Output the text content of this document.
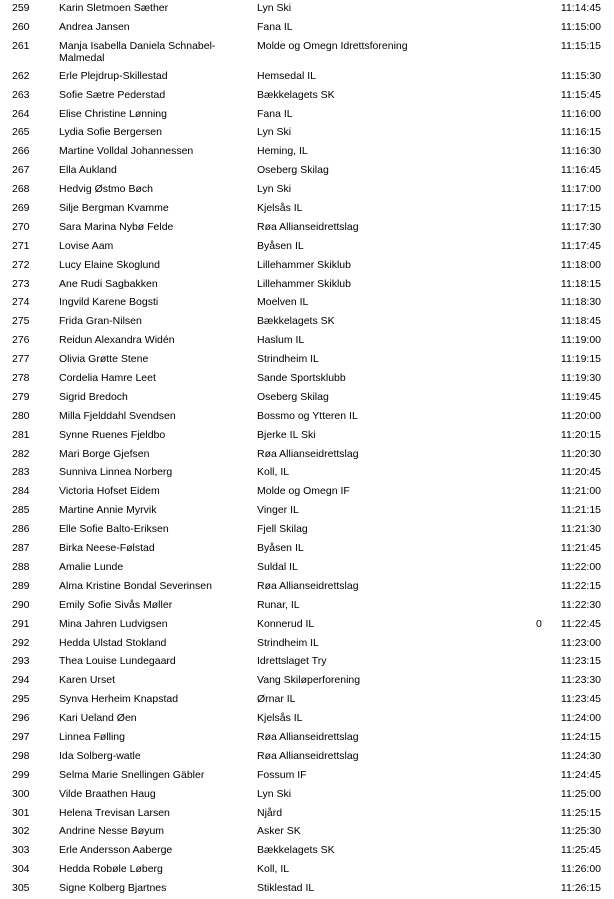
259	Karin Sletmoen Sæther	Lyn Ski	11:14:45
260	Andrea Jansen	Fana IL	11:15:00
261	Manja Isabella Daniela Schnabel-Malmedal
Molde og Omegn Idrettsforening	11:15:15
262	Erle Plejdrup-Skillestad	Hemsedal IL	11:15:30
263	Sofie Sætre Pederstad	Bækkelagets SK	11:15:45
264	Elise Christine Lønning	Fana IL	11:16:00
265	Lydia Sofie Bergersen	Lyn Ski	11:16:15
266	Martine Volldal Johannessen	Heming, IL	11:16:30
267	Ella Aukland	Oseberg Skilag	11:16:45
268	Hedvig Østmo Bøch	Lyn Ski	11:17:00
269	Silje Bergman Kvamme	Kjelsås IL	11:17:15
270	Sara Marina Nybø Felde	Røa Allianseidrettslag	11:17:30
271	Lovise Aam	Byåsen IL	11:17:45
272	Lucy Elaine Skoglund	Lillehammer Skiklub	11:18:00
273	Ane Rudi Sagbakken	Lillehammer Skiklub	11:18:15
274	Ingvild Karene Bogsti	Moelven IL	11:18:30
275	Frida Gran-Nilsen	Bækkelagets SK	11:18:45
276	Reidun Alexandra Widén	Haslum IL	11:19:00
277	Olivia Grøtte Stene	Strindheim IL	11:19:15
278	Cordelia Hamre Leet	Sande Sportsklubb	11:19:30
279	Sigrid Bredoch	Oseberg Skilag	11:19:45
280	Milla Fjelddahl Svendsen	Bossmo og Ytteren IL	11:20:00
281	Synne Ruenes Fjeldbo	Bjerke IL Ski	11:20:15
282	Mari Borge Gjefsen	Røa Allianseidrettslag	11:20:30
283	Sunniva Linnea Norberg	Koll, IL	11:20:45
284	Victoria Hofset Eidem	Molde og Omegn IF	11:21:00
285	Martine Annie Myrvik	Vinger IL	11:21:15
286	Elle Sofie Balto-Eriksen	Fjell Skilag	11:21:30
287	Birka Neese-Følstad	Byåsen IL	11:21:45
288	Amalie Lunde	Suldal IL	11:22:00
289	Alma Kristine Bondal Severinsen	Røa Allianseidrettslag	11:22:15
290	Emily Sofie Sivås Møller	Runar, IL	11:22:30
291	Mina Jahren Ludvigsen	Konnerud IL	0 11:22:45
292	Hedda Ulstad Stokland	Strindheim IL	11:23:00
293	Thea Louise Lundegaard	Idrettslaget Try	11:23:15
294	Karen Urset	Vang Skiløperforening	11:23:30
295	Synva Herheim Knapstad	Ørnar IL	11:23:45
296	Kari Ueland Øen	Kjelsås IL	11:24:00
297	Linnea Følling	Røa Allianseidrettslag	11:24:15
298	Ida Solberg-watle	Røa Allianseidrettslag	11:24:30
299	Selma Marie Snellingen Gäbler	Fossum IF	11:24:45
300	Vilde Braathen Haug	Lyn Ski	11:25:00
301	Helena Trevisan Larsen	Njård	11:25:15
302	Andrine Nesse Bøyum	Asker SK	11:25:30
303	Erle Andersson Aaberge	Bækkelagets SK	11:25:45
304	Hedda Robøle Løberg	Koll, IL	11:26:00
305	Signe Kolberg Bjartnes	Stiklestad IL	11:26:15
